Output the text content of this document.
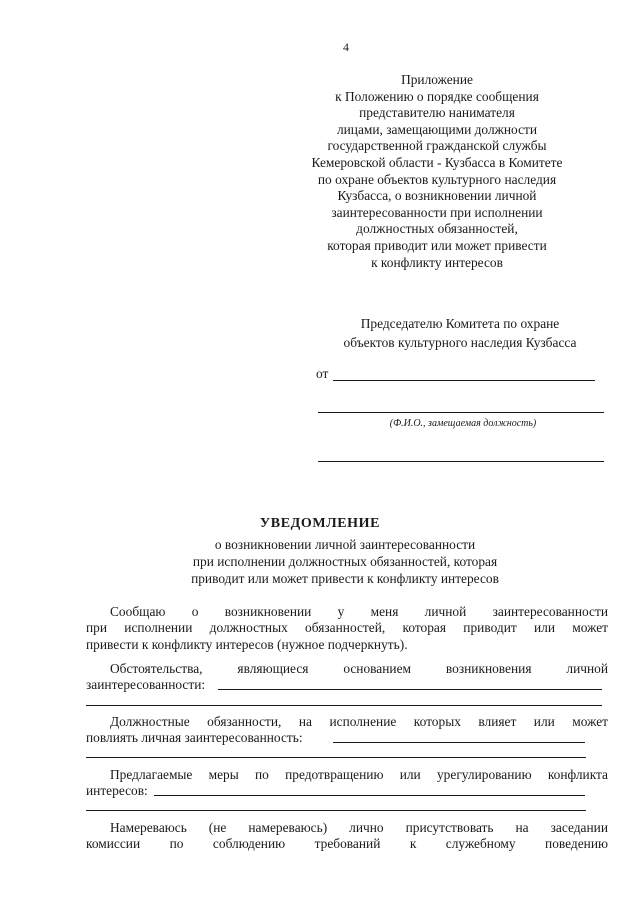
4
Приложение
к Положению о порядке сообщения
представителю нанимателя
лицами, замещающими должности
государственной гражданской службы
Кемеровской области - Кузбасса в Комитете
по охране объектов культурного наследия
Кузбасса, о возникновении личной
заинтересованности при исполнении
должностных обязанностей,
которая приводит или может привести
к конфликту интересов
Председателю Комитета по охране
объектов культурного наследия Кузбасса
от
(Ф.И.О., замещаемая должность)
УВЕДОМЛЕНИЕ
о возникновении личной заинтересованности
при исполнении должностных обязанностей, которая
приводит или может привести к конфликту интересов
Сообщаю о возникновении у меня личной заинтересованности
при исполнении должностных обязанностей, которая приводит или может
привести к конфликту интересов (нужное подчеркнуть).
Обстоятельства, являющиеся основанием возникновения личной
заинтересованности:
Должностные обязанности, на исполнение которых влияет или может
повлиять личная заинтересованность:
Предлагаемые меры по предотвращению или урегулированию конфликта
интересов:
Намереваюсь (не намереваюсь) лично присутствовать на заседании
комиссии по соблюдению требований к служебному поведению
